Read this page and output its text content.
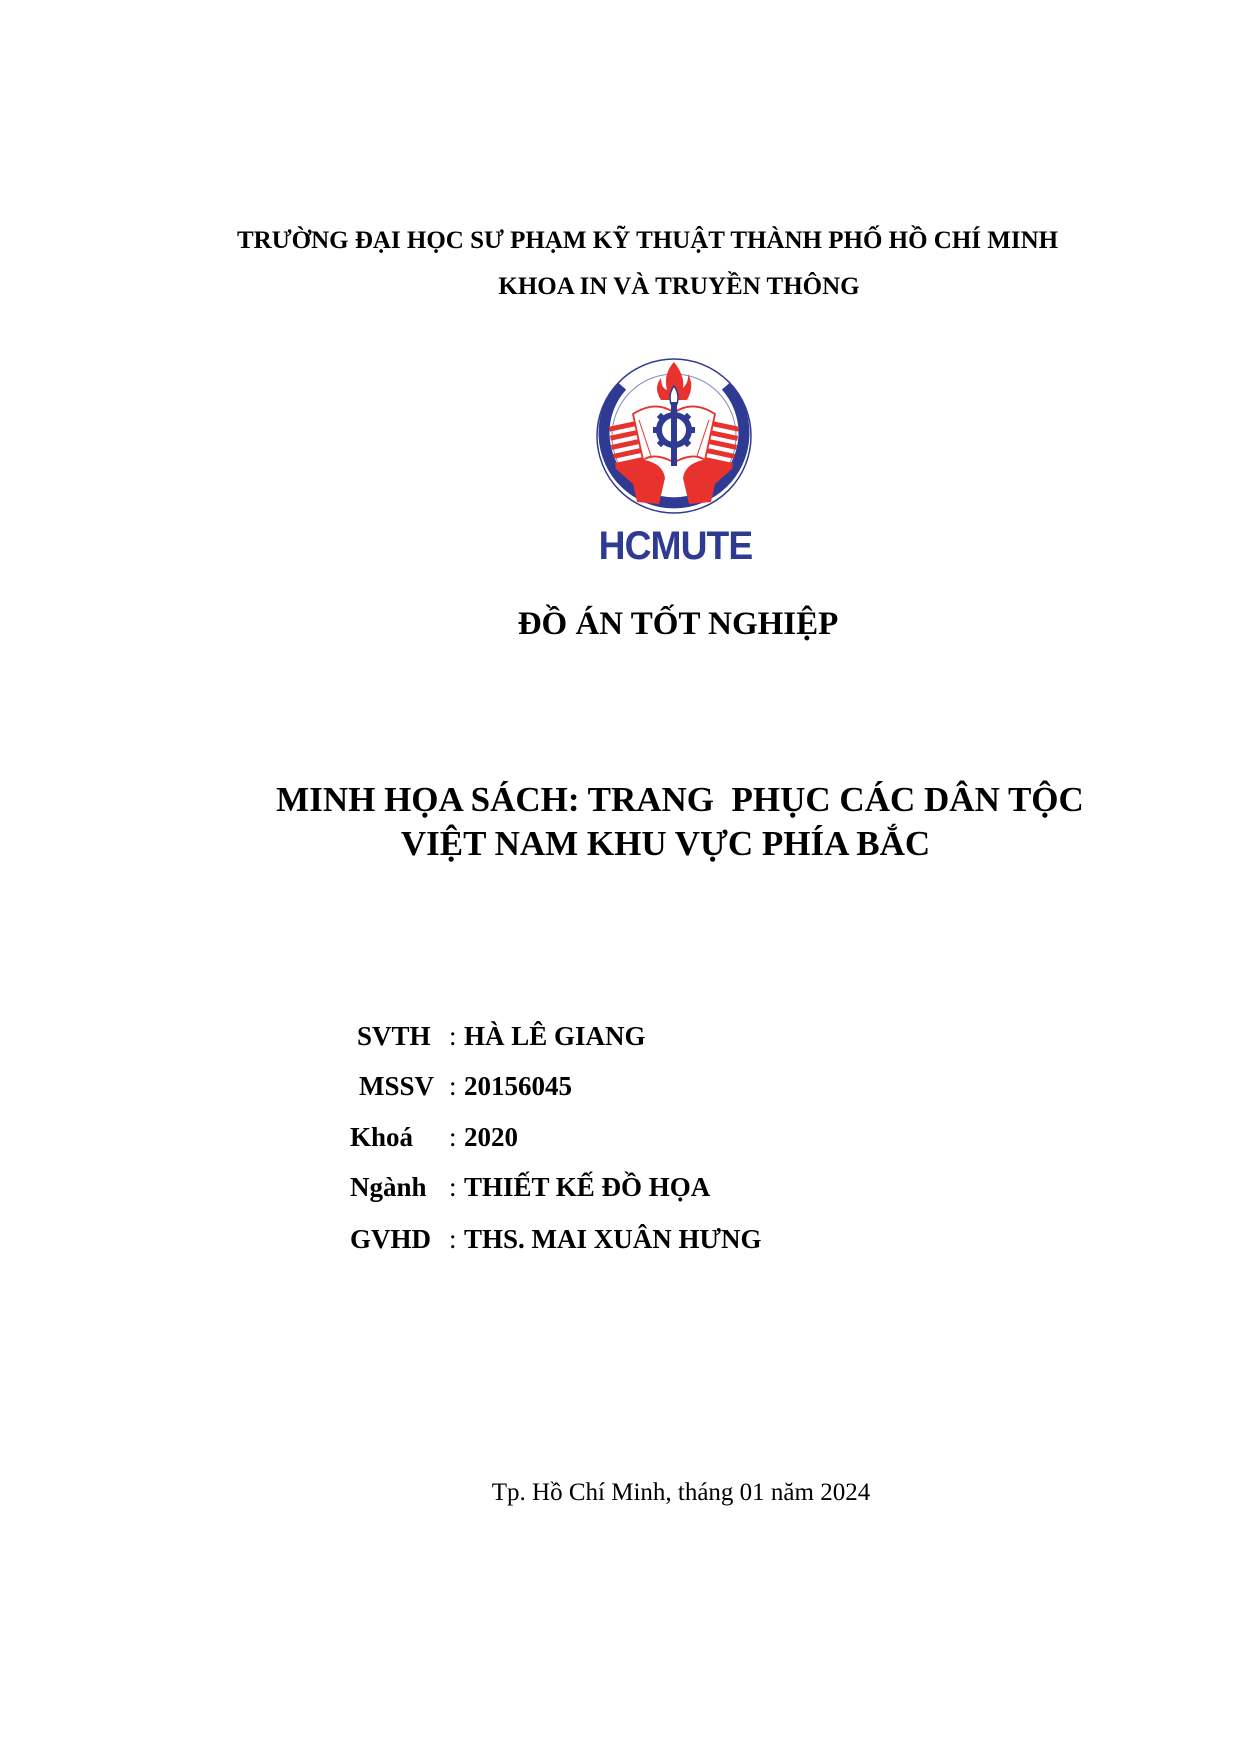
TRƯỜNG ĐẠI HỌC SƯ PHẠM KỸ THUẬT THÀNH PHỐ HỒ CHÍ MINH
KHOA IN VÀ TRUYỀN THÔNG
HCMUTE
ĐỒ ÁN TỐT NGHIỆP
MINH HỌA SÁCH: TRANG  PHỤC CÁC DÂN TỘC
VIỆT NAM KHU VỰC PHÍA BẮC
SVTH : HÀ LÊ GIANG
MSSV : 20156045
Khoá : 2020
Ngành : THIẾT KẾ ĐỒ HỌA
GVHD : THS. MAI XUÂN HƯNG
Tp. Hồ Chí Minh, tháng 01 năm 2024
